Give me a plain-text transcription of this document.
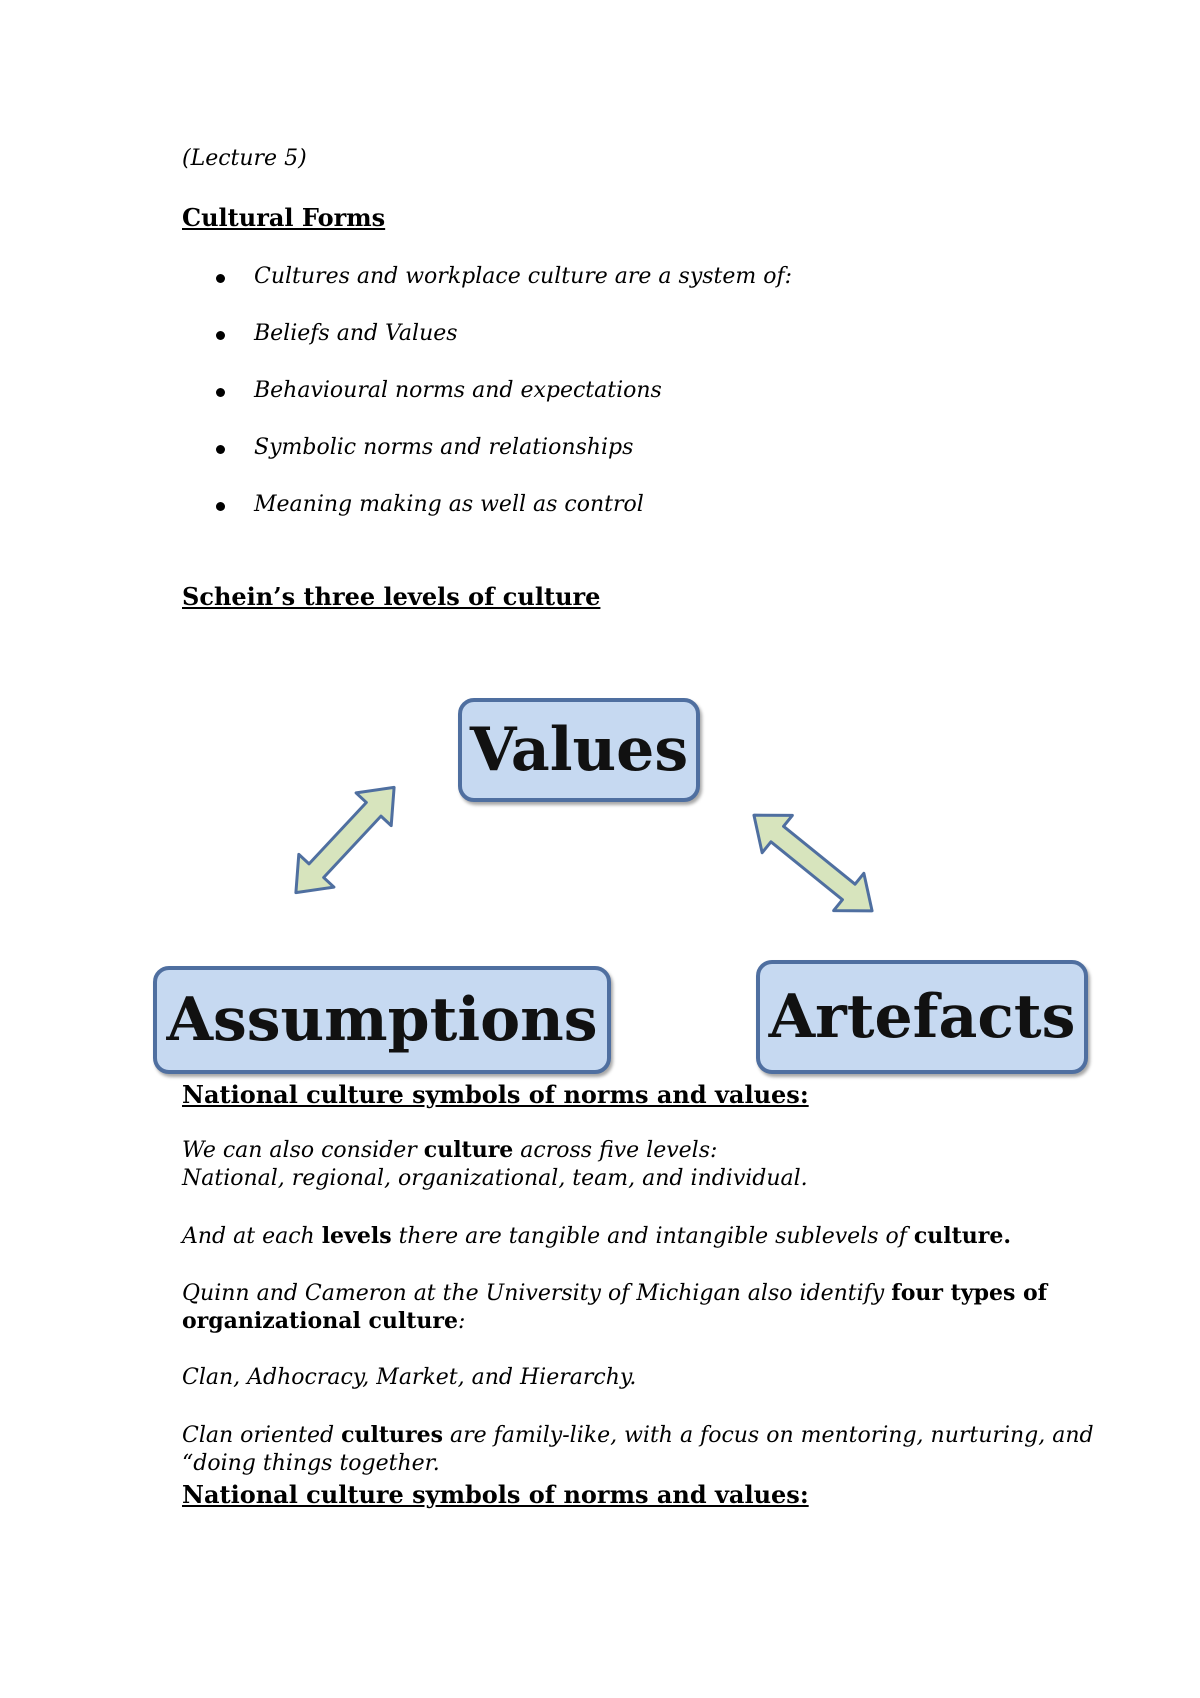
(Lecture 5)
Cultural Forms
Cultures and workplace culture are a system of:
Beliefs and Values
Behavioural norms and expectations
Symbolic norms and relationships
Meaning making as well as control
Schein’s three levels of culture
Values
Assumptions	Artefacts
National culture symbols of norms and values:
We can also consider culture across five levels:
National, regional, organizational, team, and individual.
And at each levels there are tangible and intangible sublevels of culture.
Quinn and Cameron at the University of Michigan also identify four types of
organizational culture:
Clan, Adhocracy, Market, and Hierarchy.
Clan oriented cultures are family-like, with a focus on mentoring, nurturing, and
“doing things together.
National culture symbols of norms and values:
